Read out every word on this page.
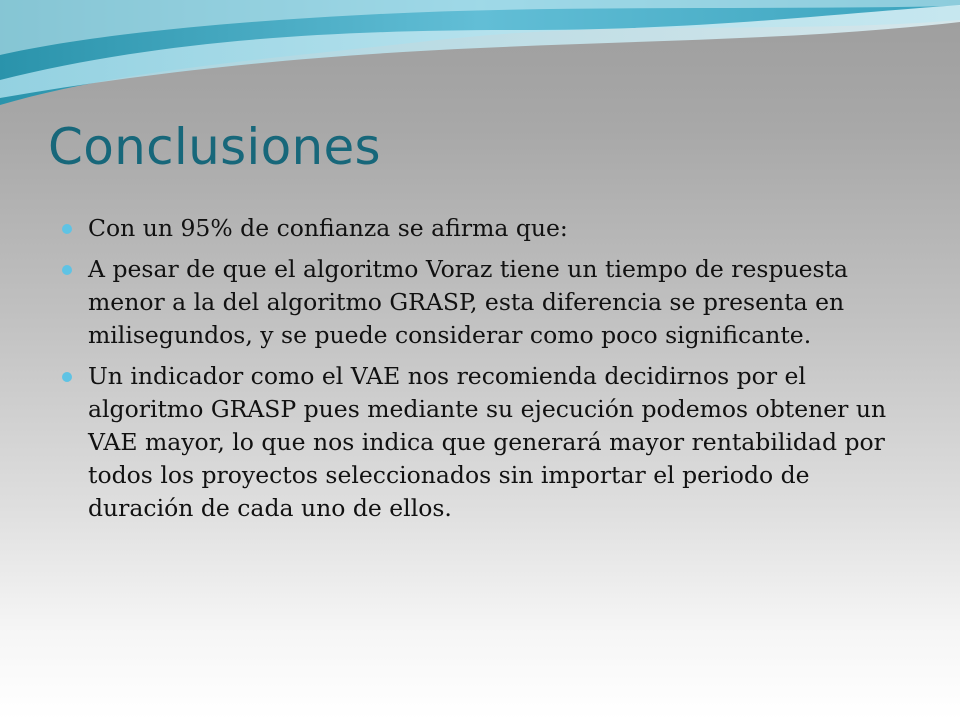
Conclusiones
Con un 95% de confianza se afirma que:
A pesar de que el algoritmo Voraz tiene un tiempo de respuesta menor a la del algoritmo GRASP, esta diferencia se presenta en milisegundos, y se puede considerar como poco significante.
Un indicador como el VAE nos recomienda decidirnos por el algoritmo GRASP pues mediante su ejecución podemos obtener un VAE mayor, lo que nos indica que generará mayor rentabilidad por todos los proyectos seleccionados sin importar el periodo de duración de cada uno de ellos.
